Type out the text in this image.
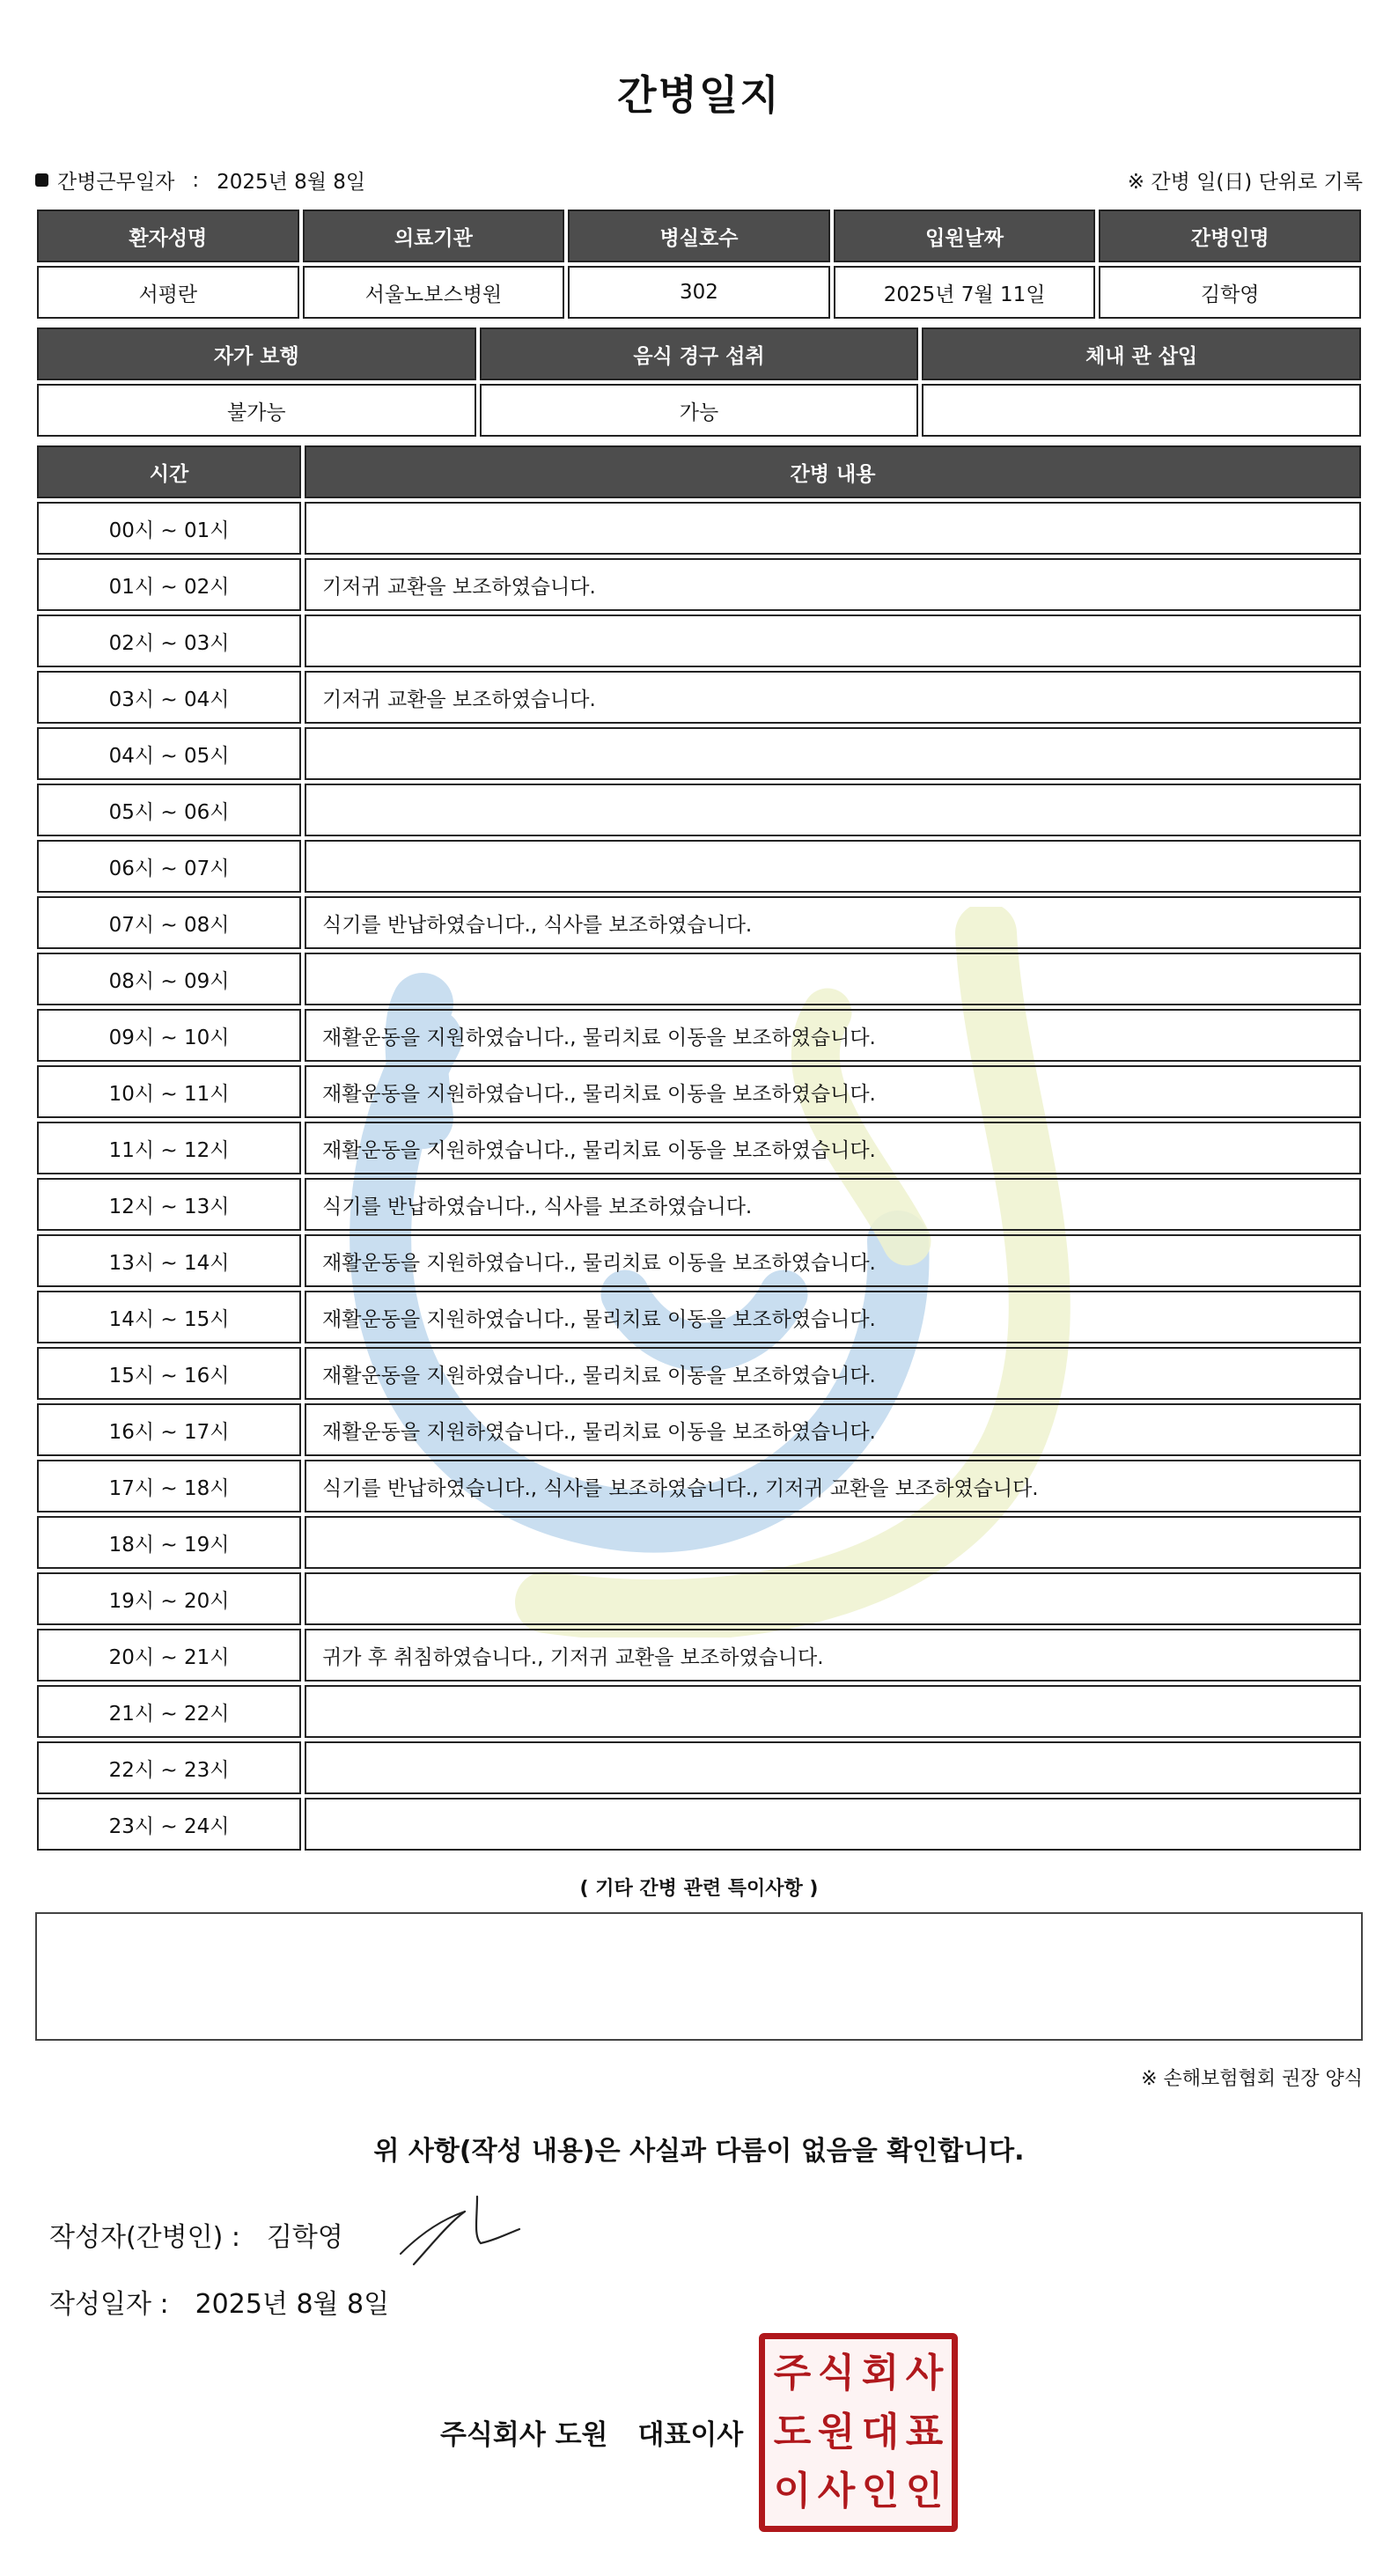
간병일지
간병근무일자 : 2025년 8월 8일	※ 간병 일(日) 단위로 기록
환자성명	의료기관	병실호수	입원날짜	간병인명
서평란	서울노보스병원	302	2025년 7월 11일	김학영
자가 보행	음식 경구 섭취	체내 관 삽입
불가능	가능	
시간	간병 내용
00시 ~ 01시	
01시 ~ 02시	기저귀 교환을 보조하였습니다.
02시 ~ 03시	
03시 ~ 04시	기저귀 교환을 보조하였습니다.
04시 ~ 05시	
05시 ~ 06시	
06시 ~ 07시	
07시 ~ 08시	식기를 반납하였습니다., 식사를 보조하였습니다.
08시 ~ 09시	
09시 ~ 10시	재활운동을 지원하였습니다., 물리치료 이동을 보조하였습니다.
10시 ~ 11시	재활운동을 지원하였습니다., 물리치료 이동을 보조하였습니다.
11시 ~ 12시	재활운동을 지원하였습니다., 물리치료 이동을 보조하였습니다.
12시 ~ 13시	식기를 반납하였습니다., 식사를 보조하였습니다.
13시 ~ 14시	재활운동을 지원하였습니다., 물리치료 이동을 보조하였습니다.
14시 ~ 15시	재활운동을 지원하였습니다., 물리치료 이동을 보조하였습니다.
15시 ~ 16시	재활운동을 지원하였습니다., 물리치료 이동을 보조하였습니다.
16시 ~ 17시	재활운동을 지원하였습니다., 물리치료 이동을 보조하였습니다.
17시 ~ 18시	식기를 반납하였습니다., 식사를 보조하였습니다., 기저귀 교환을 보조하였습니다.
18시 ~ 19시	
19시 ~ 20시	
20시 ~ 21시	귀가 후 취침하였습니다., 기저귀 교환을 보조하였습니다.
21시 ~ 22시	
22시 ~ 23시	
23시 ~ 24시	
( 기타 간병 관련 특이사항 )
※ 손해보험협회 권장 양식
위 사항(작성 내용)은 사실과 다름이 없음을 확인합니다.
작성자(간병인) : 김학영
작성일자 : 2025년 8월 8일
주식회사 도원 대표이사
주 식 회 사
도 원 대 표
이 사 인 인
